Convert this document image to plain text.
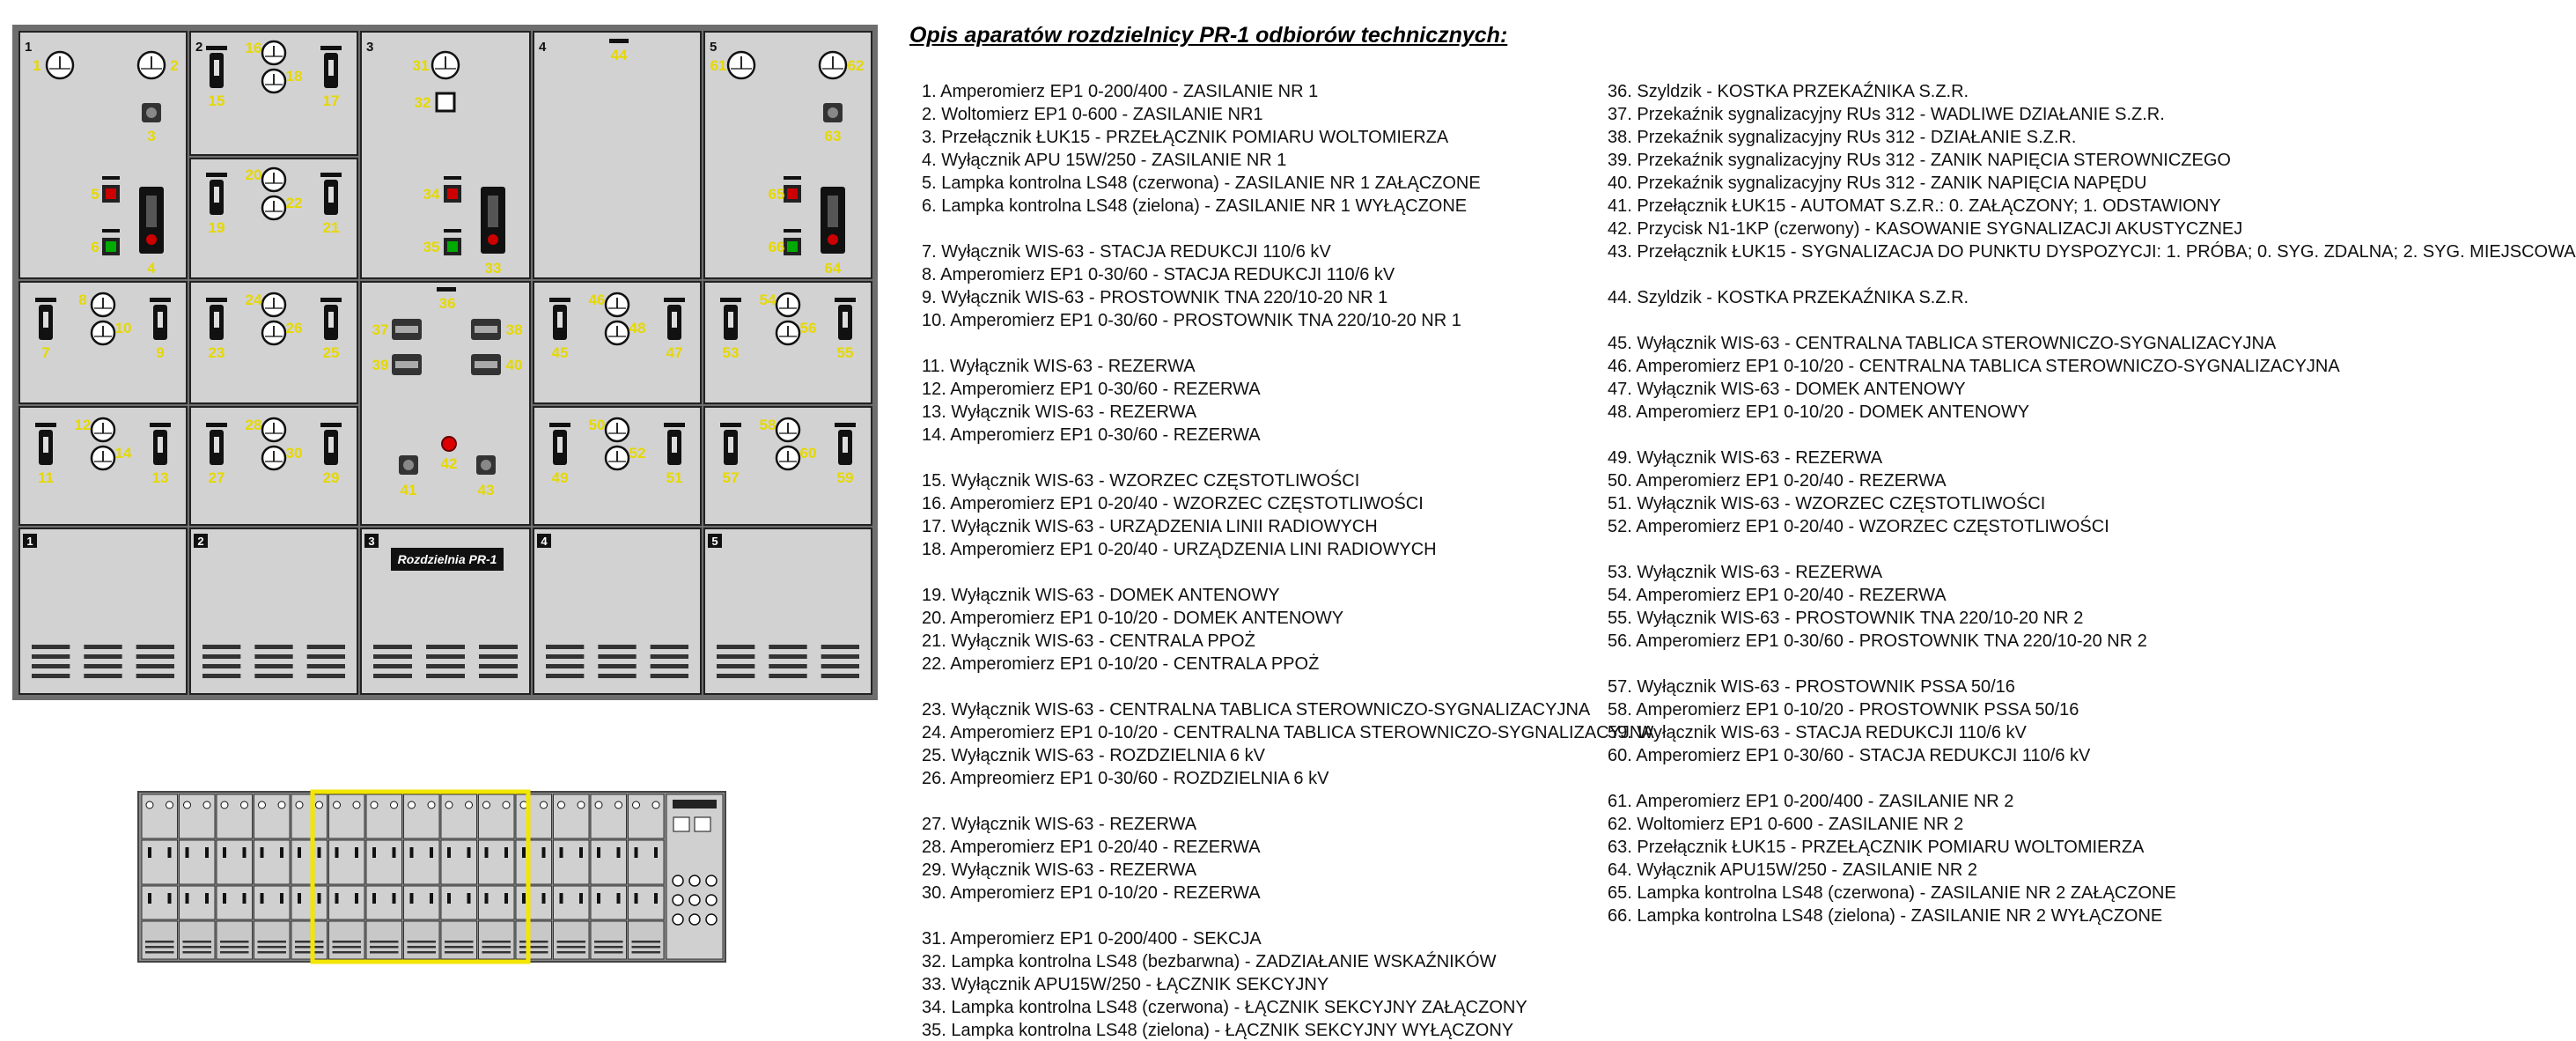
1
1
2
2
3
3
4
4
5
5
Rozdzielnia PR-1
1	2
3
5
6
4
7
8
10
9
11
12
14
13
15
16
18
17
19
20
22
21
23
24
26
25
27
28
30
29
45
46
48
47
49
50
52
51
53
54
56
55
57
58
60
59
31
32
34
35
33
36
37	38
39	40
41
42
43
44
61	62
63
65
66
64
Opis aparatów rozdzielnicy PR-1 odbiorów technicznych:
1. Amperomierz EP1 0-200/400 - ZASILANIE NR 1
2. Woltomierz EP1 0-600 - ZASILANIE NR1
3. Przełącznik ŁUK15 - PRZEŁĄCZNIK POMIARU WOLTOMIERZA
4. Wyłącznik APU 15W/250 - ZASILANIE NR 1
5. Lampka kontrolna LS48 (czerwona) - ZASILANIE NR 1 ZAŁĄCZONE
6. Lampka kontrolna LS48 (zielona) - ZASILANIE NR 1 WYŁĄCZONE
7. Wyłącznik WIS-63 - STACJA REDUKCJI 110/6 kV
8. Amperomierz EP1 0-30/60 - STACJA REDUKCJI 110/6 kV
9. Wyłącznik WIS-63 - PROSTOWNIK TNA 220/10-20 NR 1
10. Amperomierz EP1 0-30/60 - PROSTOWNIK TNA 220/10-20 NR 1
11. Wyłącznik WIS-63 - REZERWA
12. Amperomierz EP1 0-30/60 - REZERWA
13. Wyłącznik WIS-63 - REZERWA
14. Amperomierz EP1 0-30/60 - REZERWA
15. Wyłącznik WIS-63 - WZORZEC CZĘSTOTLIWOŚCI
16. Amperomierz EP1 0-20/40 - WZORZEC CZĘSTOTLIWOŚCI
17. Wyłącznik WIS-63 - URZĄDZENIA LINII RADIOWYCH
18. Amperomierz EP1 0-20/40 - URZĄDZENIA LINI RADIOWYCH
19. Wyłącznik WIS-63 - DOMEK ANTENOWY
20. Amperomierz EP1 0-10/20 - DOMEK ANTENOWY
21. Wyłącznik WIS-63 - CENTRALA PPOŻ
22. Amperomierz EP1 0-10/20 - CENTRALA PPOŻ
23. Wyłącznik WIS-63 - CENTRALNA TABLICA STEROWNICZO-SYGNALIZACYJNA
24. Amperomierz EP1 0-10/20 - CENTRALNA TABLICA STEROWNICZO-SYGNALIZACYJNA
25. Wyłącznik WIS-63 - ROZDZIELNIA 6 kV
26. Ampreomierz EP1 0-30/60 - ROZDZIELNIA 6 kV
27. Wyłącznik WIS-63 - REZERWA
28. Amperomierz EP1 0-20/40 - REZERWA
29. Wyłącznik WIS-63 - REZERWA
30. Amperomierz EP1 0-10/20 - REZERWA
31. Amperomierz EP1 0-200/400 - SEKCJA
32. Lampka kontrolna LS48 (bezbarwna) - ZADZIAŁANIE WSKAŹNIKÓW
33. Wyłącznik APU15W/250 - ŁĄCZNIK SEKCYJNY
34. Lampka kontrolna LS48 (czerwona) - ŁĄCZNIK SEKCYJNY ZAŁĄCZONY
35. Lampka kontrolna LS48 (zielona) - ŁĄCZNIK SEKCYJNY WYŁĄCZONY
36. Szyldzik - KOSTKA PRZEKAŹNIKA S.Z.R.
37. Przekaźnik sygnalizacyjny RUs 312 - WADLIWE DZIAŁANIE S.Z.R.
38. Przekaźnik sygnalizacyjny RUs 312 - DZIAŁANIE S.Z.R.
39. Przekaźnik sygnalizacyjny RUs 312 - ZANIK NAPIĘCIA STEROWNICZEGO
40. Przekaźnik sygnalizacyjny RUs 312 - ZANIK NAPIĘCIA NAPĘDU
41. Przełącznik ŁUK15 - AUTOMAT S.Z.R.: 0. ZAŁĄCZONY; 1. ODSTAWIONY
42. Przycisk N1-1KP (czerwony) - KASOWANIE SYGNALIZACJI AKUSTYCZNEJ
43. Przełącznik ŁUK15 - SYGNALIZACJA DO PUNKTU DYSPOZYCJI: 1. PRÓBA; 0. SYG. ZDALNA; 2. SYG. MIEJSCOWA
44. Szyldzik - KOSTKA PRZEKAŹNIKA S.Z.R.
45. Wyłącznik WIS-63 - CENTRALNA TABLICA STEROWNICZO-SYGNALIZACYJNA
46. Amperomierz EP1 0-10/20 - CENTRALNA TABLICA STEROWNICZO-SYGNALIZACYJNA
47. Wyłącznik WIS-63 - DOMEK ANTENOWY
48. Amperomierz EP1 0-10/20 - DOMEK ANTENOWY
49. Wyłącznik WIS-63 - REZERWA
50. Amperomierz EP1 0-20/40 - REZERWA
51. Wyłącznik WIS-63 - WZORZEC CZĘSTOTLIWOŚCI
52. Amperomierz EP1 0-20/40 - WZORZEC CZĘSTOTLIWOŚCI
53. Wyłącznik WIS-63 - REZERWA
54. Amperomierz EP1 0-20/40 - REZERWA
55. Wyłącznik WIS-63 - PROSTOWNIK TNA 220/10-20 NR 2
56. Amperomierz EP1 0-30/60 - PROSTOWNIK TNA 220/10-20 NR 2
57. Wyłącznik WIS-63 - PROSTOWNIK PSSA 50/16
58. Amperomierz EP1 0-10/20 - PROSTOWNIK PSSA 50/16
59. Wyłącznik WIS-63 - STACJA REDUKCJI 110/6 kV
60. Amperomierz EP1 0-30/60 - STACJA REDUKCJI 110/6 kV
61. Amperomierz EP1 0-200/400 - ZASILANIE NR 2
62. Woltomierz EP1 0-600 - ZASILANIE NR 2
63. Przełącznik ŁUK15 - PRZEŁĄCZNIK POMIARU WOLTOMIERZA
64. Wyłącznik APU15W/250 - ZASILANIE NR 2
65. Lampka kontrolna LS48 (czerwona) - ZASILANIE NR 2 ZAŁĄCZONE
66. Lampka kontrolna LS48 (zielona) - ZASILANIE NR 2 WYŁĄCZONE
